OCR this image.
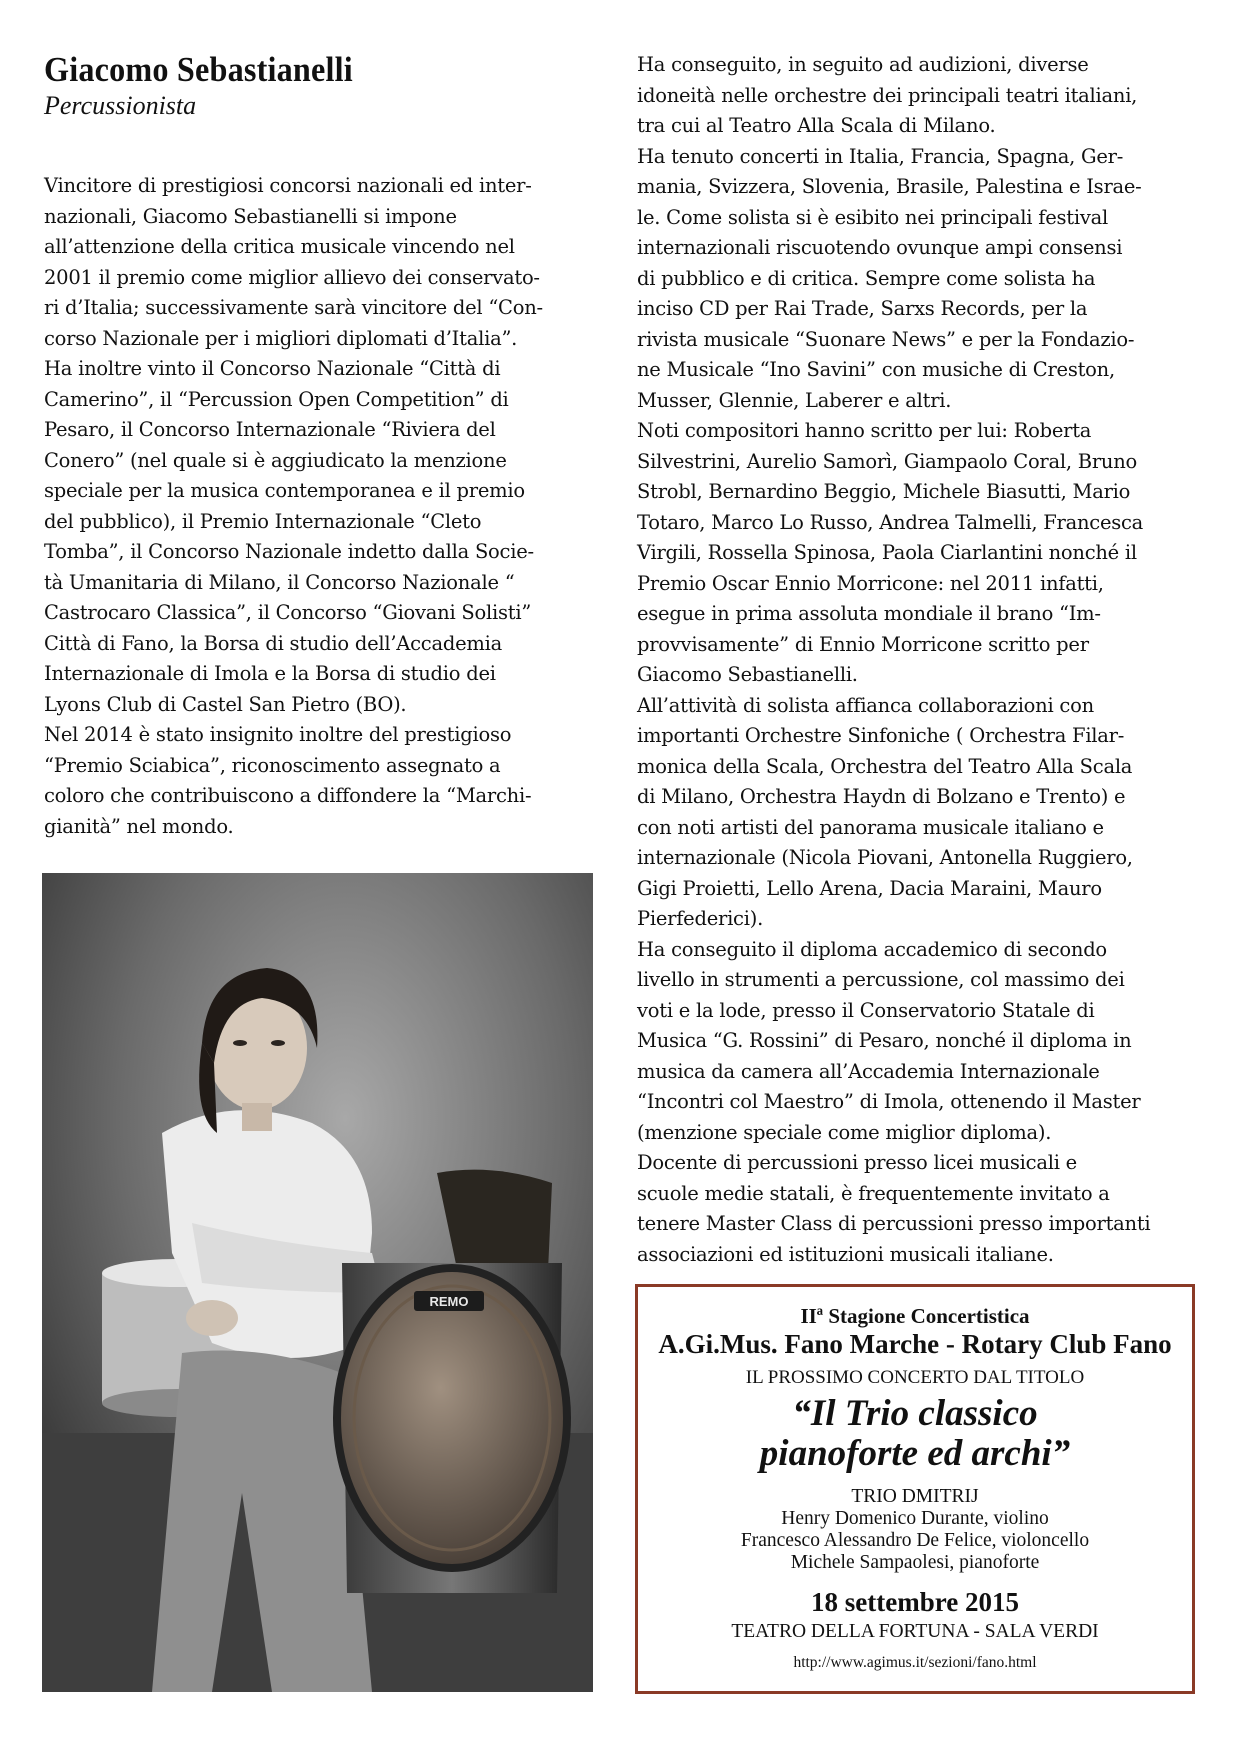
Giacomo Sebastianelli
Percussionista
Vincitore di prestigiosi concorsi nazionali ed inter-
nazionali, Giacomo Sebastianelli si impone
all’attenzione della critica musicale vincendo nel
2001 il premio come miglior allievo dei conservato-
ri d’Italia; successivamente sarà vincitore del “Con-
corso Nazionale per i migliori diplomati d’Italia”.
Ha inoltre vinto il Concorso Nazionale “Città di
Camerino”, il “Percussion Open Competition” di
Pesaro, il Concorso Internazionale “Riviera del
Conero” (nel quale si è aggiudicato la menzione
speciale per la musica contemporanea e il premio
del pubblico), il Premio Internazionale “Cleto
Tomba”, il Concorso Nazionale indetto dalla Socie-
tà Umanitaria di Milano, il Concorso Nazionale “
Castrocaro Classica”, il Concorso “Giovani Solisti”
Città di Fano, la Borsa di studio dell’Accademia
Internazionale di Imola e la Borsa di studio dei
Lyons Club di Castel San Pietro (BO).
Nel 2014 è stato insignito inoltre del prestigioso
“Premio Sciabica”, riconoscimento assegnato a
coloro che contribuiscono a diffondere la “Marchi-
gianità” nel mondo.
REMO
Ha conseguito, in seguito ad audizioni, diverse
idoneità nelle orchestre dei principali teatri italiani,
tra cui al Teatro Alla Scala di Milano.
Ha tenuto concerti in Italia, Francia, Spagna, Ger-
mania, Svizzera, Slovenia, Brasile, Palestina e Israe-
le. Come solista si è esibito nei principali festival
internazionali riscuotendo ovunque ampi consensi
di pubblico e di critica. Sempre come solista ha
inciso CD per Rai Trade, Sarxs Records, per la
rivista musicale “Suonare News” e per la Fondazio-
ne Musicale “Ino Savini” con musiche di Creston,
Musser, Glennie, Laberer e altri.
Noti compositori hanno scritto per lui: Roberta
Silvestrini, Aurelio Samorì, Giampaolo Coral, Bruno
Strobl, Bernardino Beggio, Michele Biasutti, Mario
Totaro, Marco Lo Russo, Andrea Talmelli, Francesca
Virgili, Rossella Spinosa, Paola Ciarlantini nonché il
Premio Oscar Ennio Morricone: nel 2011 infatti,
esegue in prima assoluta mondiale il brano “Im-
provvisamente” di Ennio Morricone scritto per
Giacomo Sebastianelli.
All’attività di solista affianca collaborazioni con
importanti Orchestre Sinfoniche ( Orchestra Filar-
monica della Scala, Orchestra del Teatro Alla Scala
di Milano, Orchestra Haydn di Bolzano e Trento) e
con noti artisti del panorama musicale italiano e
internazionale (Nicola Piovani, Antonella Ruggiero,
Gigi Proietti, Lello Arena, Dacia Maraini, Mauro
Pierfederici).
Ha conseguito il diploma accademico di secondo
livello in strumenti a percussione, col massimo dei
voti e la lode, presso il Conservatorio Statale di
Musica “G. Rossini” di Pesaro, nonché il diploma in
musica da camera all’Accademia Internazionale
“Incontri col Maestro” di Imola, ottenendo il Master
(menzione speciale come miglior diploma).
Docente di percussioni presso licei musicali e
scuole medie statali, è frequentemente invitato a
tenere Master Class di percussioni presso importanti
associazioni ed istituzioni musicali italiane.
IIª Stagione Concertistica
A.Gi.Mus. Fano Marche - Rotary Club Fano
IL PROSSIMO CONCERTO DAL TITOLO
“Il Trio classico
pianoforte ed archi”
TRIO DMITRIJ
Henry Domenico Durante, violino
Francesco Alessandro De Felice, violoncello
Michele Sampaolesi, pianoforte
18 settembre 2015
TEATRO DELLA FORTUNA - SALA VERDI
http://www.agimus.it/sezioni/fano.html
